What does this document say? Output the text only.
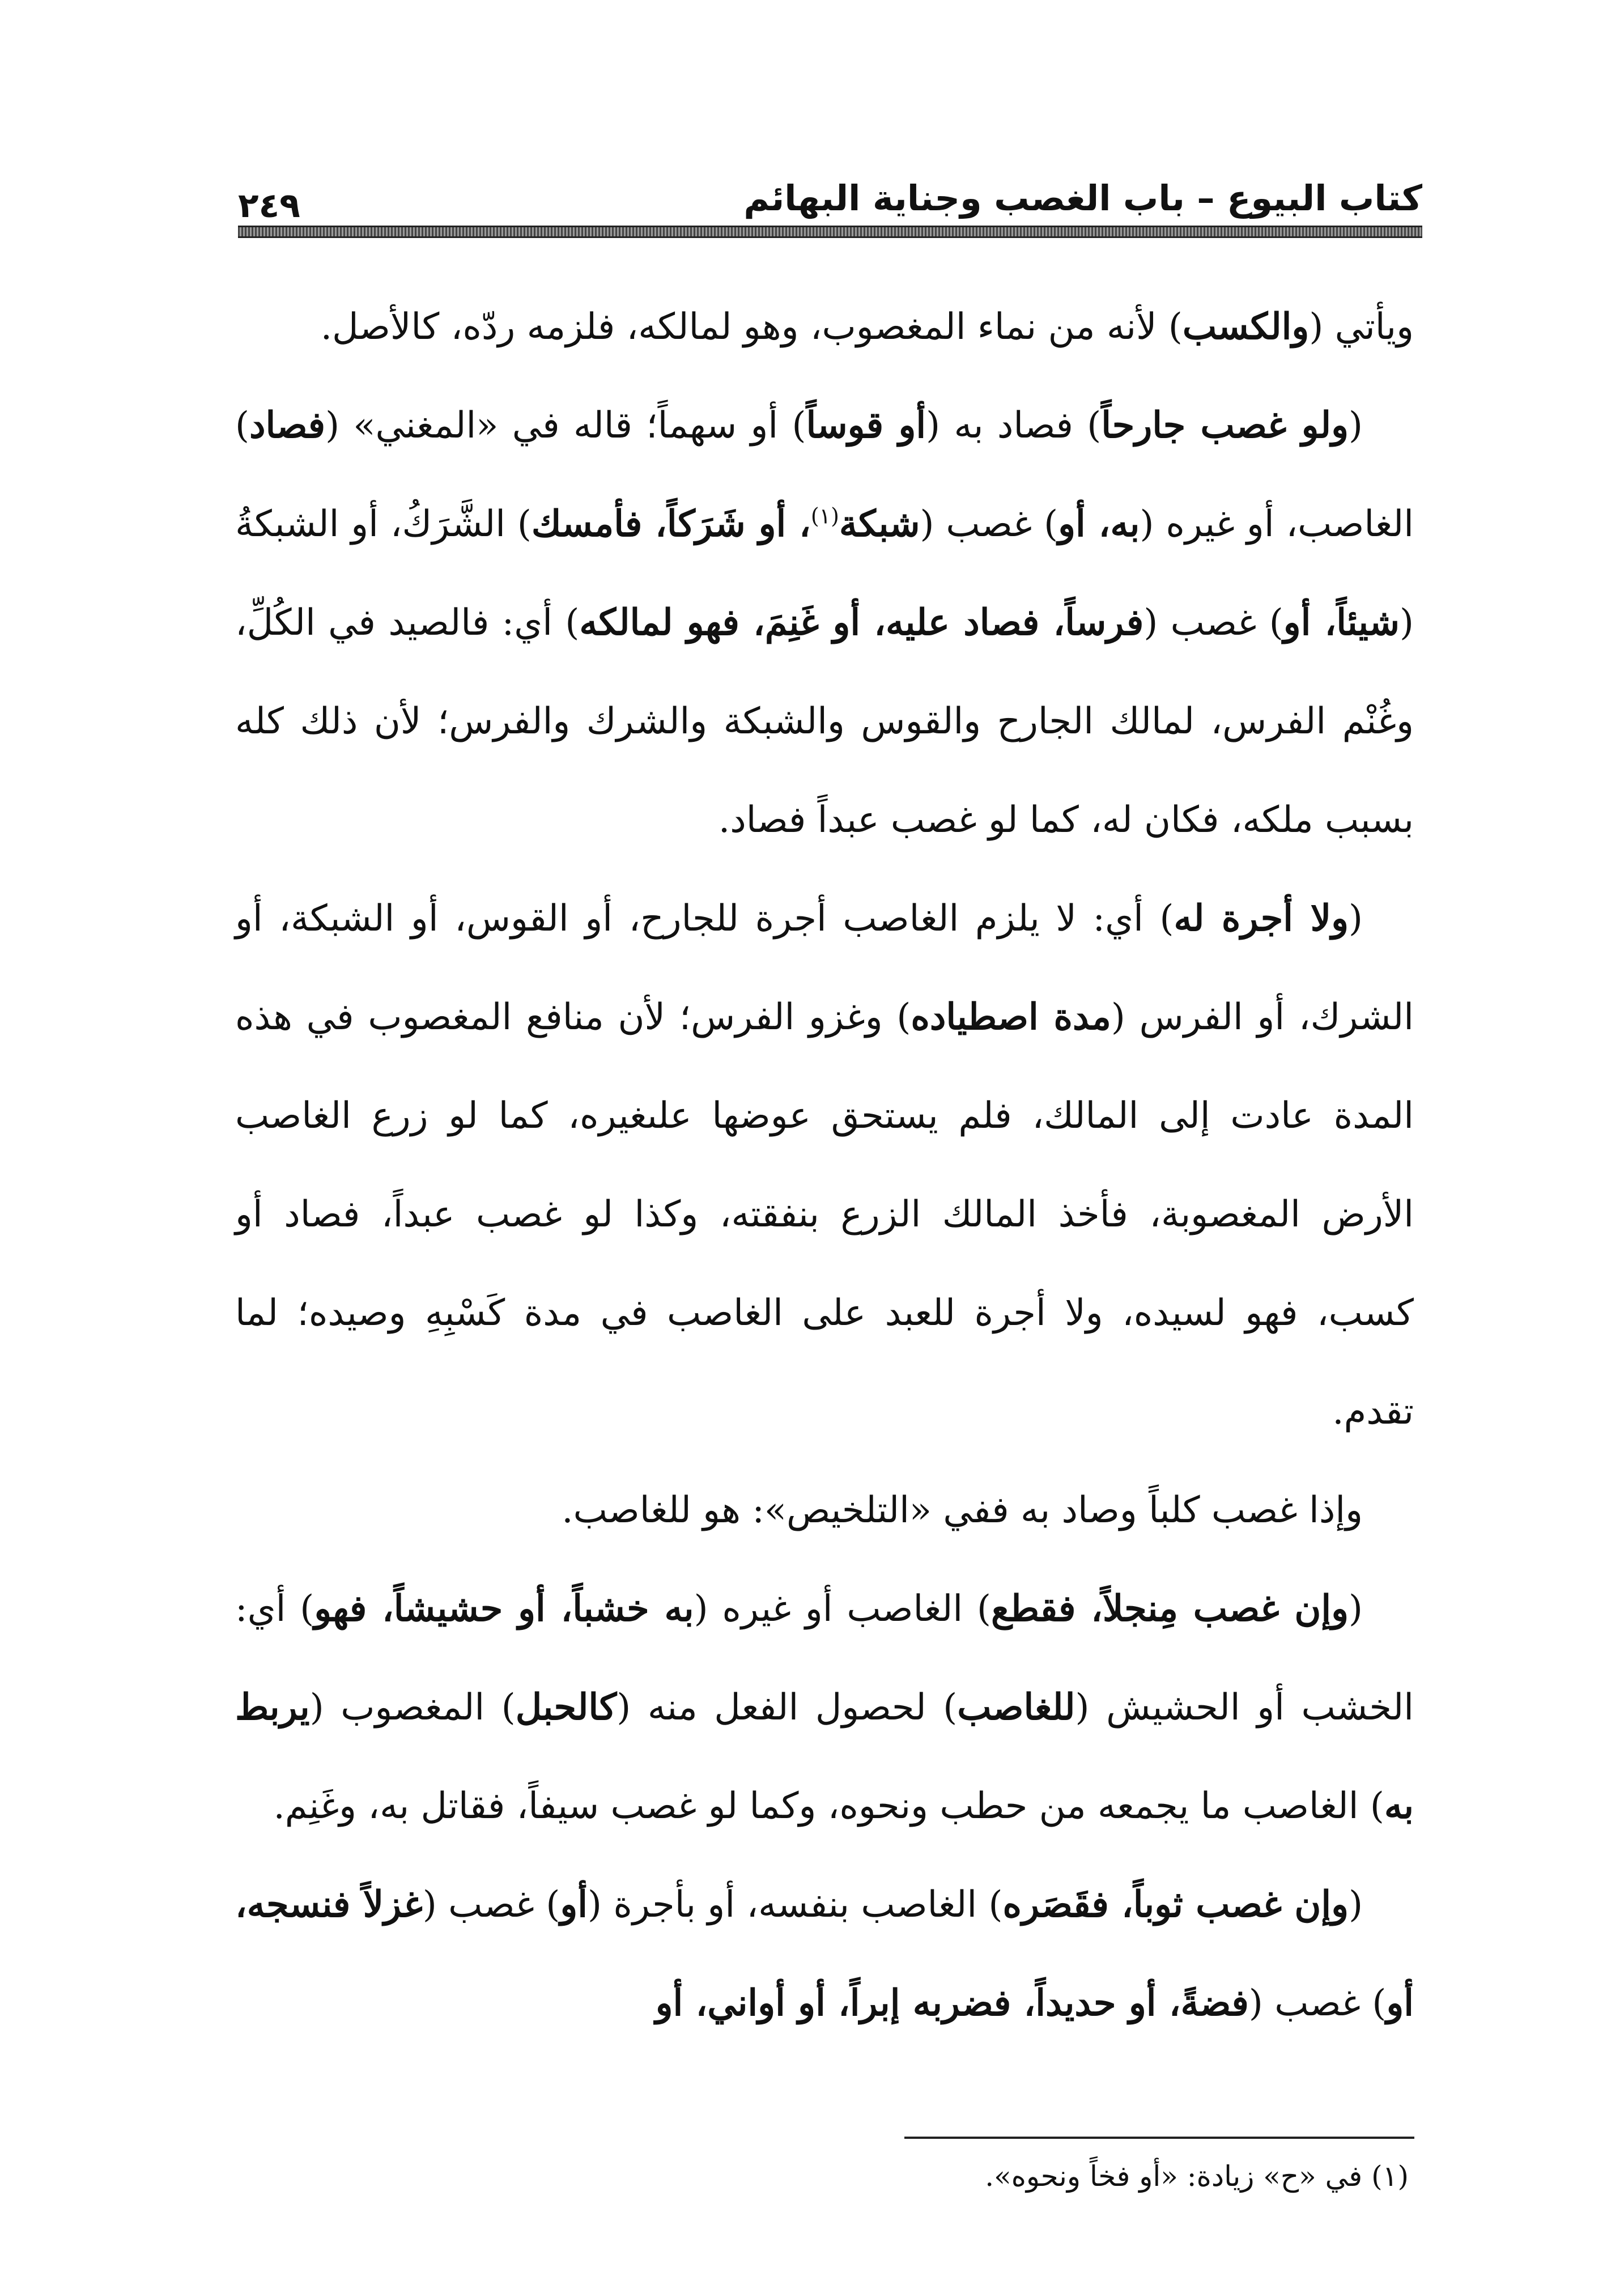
كتاب البيوع – باب الغصب وجناية البهائم
٢٤٩

ويأتي (والكسب) لأنه من نماء المغصوب، وهو لمالكه، فلزمه ردّه، كالأصل.

(ولو غصب جارحاً) فصاد به (أو قوساً) أو سهماً؛ قاله في «المغني» (فصاد) الغاصب، أو غيره (به، أو) غصب (شبكة$^{(١)}$، أو شَرَكاً، فأمسك) الشَّرَكُ، أو الشبكةُ (شيئاً، أو) غصب (فرساً، فصاد عليه، أو غَنِمَ، فهو لمالكه) أي: فالصيد في الكُلِّ، وغُنْم الفرس، لمالك الجارح والقوس والشبكة والشرك والفرس؛ لأن ذلك كله بسبب ملكه، فكان له، كما لو غصب عبداً فصاد.

(ولا أجرة له) أي: لا يلزم الغاصب أجرة للجارح، أو القوس، أو الشبكة، أو الشرك، أو الفرس (مدة اصطياده) وغزو الفرس؛ لأن منافع المغصوب في هذه المدة عادت إلى المالك، فلم يستحق عوضها علىغيره، كما لو زرع الغاصب الأرض المغصوبة، فأخذ المالك الزرع بنفقته، وكذا لو غصب عبداً، فصاد أو كسب، فهو لسيده، ولا أجرة للعبد على الغاصب في مدة كَسْبِهِ وصيده؛ لما تقدم.

وإذا غصب كلباً وصاد به ففي «التلخيص»: هو للغاصب.

(وإن غصب مِنجلاً، فقطع) الغاصب أو غيره (به خشباً، أو حشيشاً، فهو) أي: الخشب أو الحشيش (للغاصب) لحصول الفعل منه (كالحبل) المغصوب (يربط به) الغاصب ما يجمعه من حطب ونحوه، وكما لو غصب سيفاً، فقاتل به، وغَنِم.

(وإن غصب ثوباً، فقَصَره) الغاصب بنفسه، أو بأجرة (أو) غصب (غزلاً فنسجه، أو) غصب (فضةً، أو حديداً، فضربه إبراً، أو أواني، أو

(١) في «ح» زيادة: «أو فخاً ونحوه».
